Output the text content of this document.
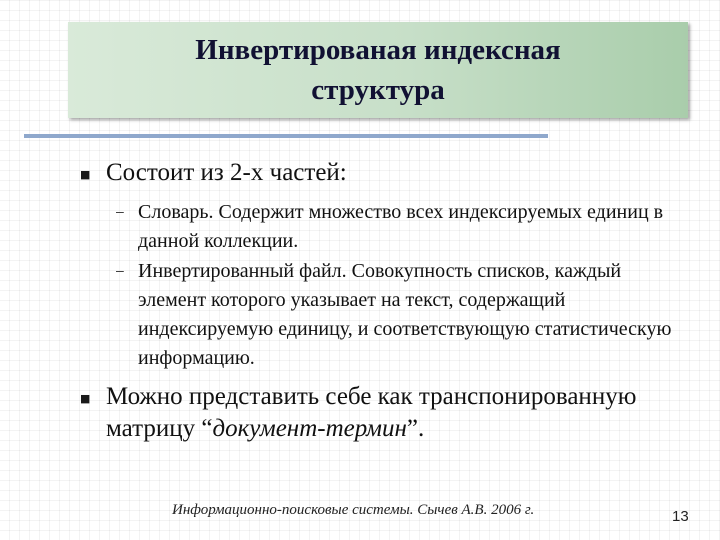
Инвертированая индексная
структура
■ Состоит из 2-х частей:
– Словарь. Содержит множество всех индексируемых единиц в данной коллекции.
– Инвертированный файл. Совокупность списков, каждый элемент которого указывает на текст, содержащий индексируемую единицу, и соответствующую статистическую информацию.
■ Можно представить себе как транспонированную
матрицу “документ-термин”.
Информационно-поисковые системы. Сычев А.В. 2006 г.	13
